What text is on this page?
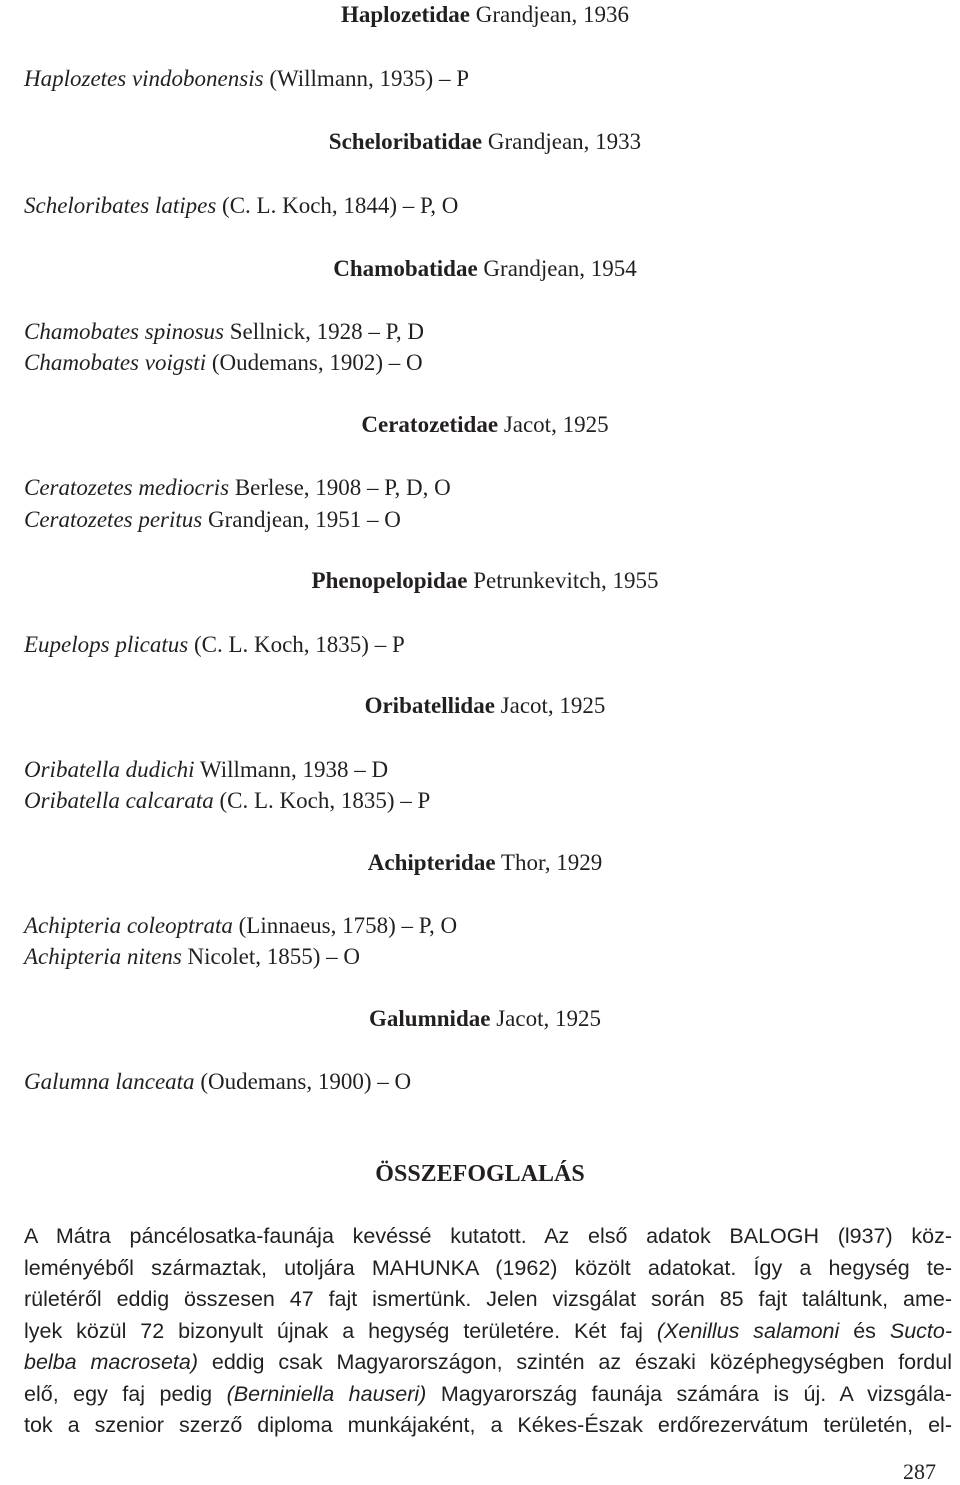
Haplozetidae Grandjean, 1936
Haplozetes vindobonensis (Willmann, 1935) – P
Scheloribatidae Grandjean, 1933
Scheloribates latipes (C. L. Koch, 1844) – P, O
Chamobatidae Grandjean, 1954
Chamobates spinosus Sellnick, 1928 – P, D
Chamobates voigsti (Oudemans, 1902) – O
Ceratozetidae Jacot, 1925
Ceratozetes mediocris Berlese, 1908 – P, D, O
Ceratozetes peritus Grandjean, 1951 – O
Phenopelopidae Petrunkevitch, 1955
Eupelops plicatus (C. L. Koch, 1835) – P
Oribatellidae Jacot, 1925
Oribatella dudichi Willmann, 1938 – D
Oribatella calcarata (C. L. Koch, 1835) – P
Achipteridae Thor, 1929
Achipteria coleoptrata (Linnaeus, 1758) – P, O
Achipteria nitens Nicolet, 1855) – O
Galumnidae Jacot, 1925
Galumna lanceata (Oudemans, 1900) – O
ÖSSZEFOGLALÁS
A Mátra páncélosatka-faunája kevéssé kutatott. Az első adatok BALOGH (l937) köz-
leményéből származtak, utoljára MAHUNKA (1962) közölt adatokat. Így a hegység te-
rületéről eddig összesen 47 fajt ismertünk. Jelen vizsgálat során 85 fajt találtunk, ame-
lyek közül 72 bizonyult újnak a hegység területére. Két faj (Xenillus salamoni és Sucto-
belba macroseta) eddig csak Magyarországon, szintén az északi középhegységben fordul
elő, egy faj pedig (Berniniella hauseri) Magyarország faunája számára is új. A vizsgála-
tok a szenior szerző diploma munkájaként, a Kékes-Észak erdőrezervátum területén, el-
287
